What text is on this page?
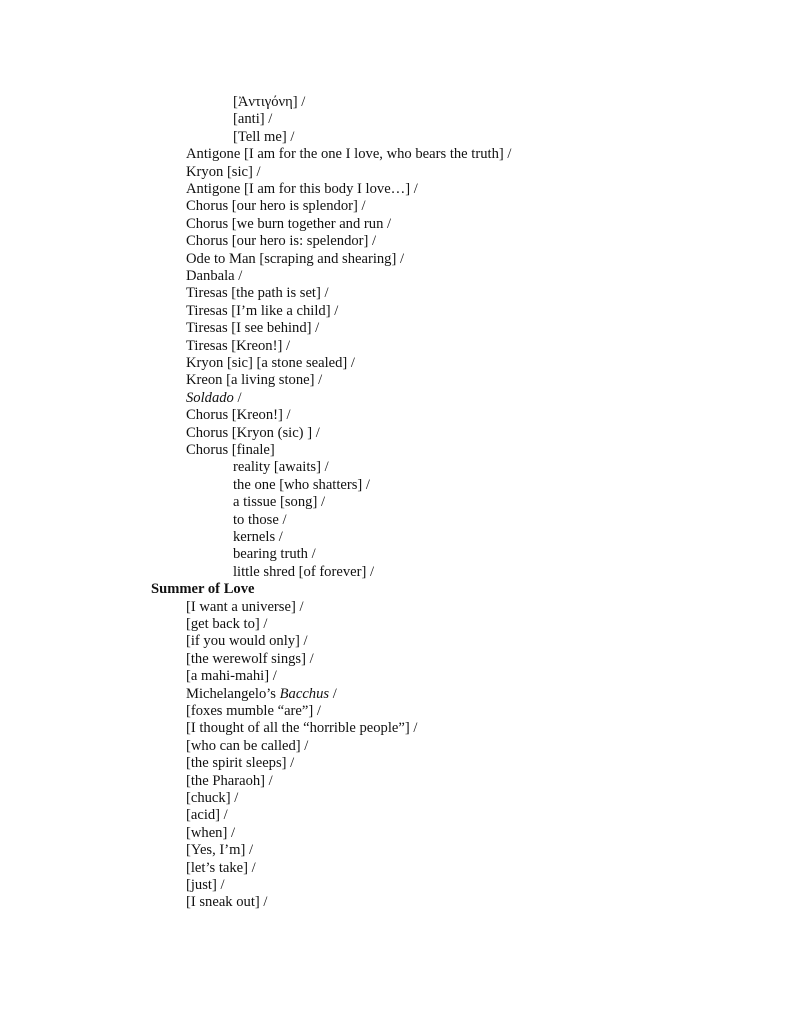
[Ἀντιγόνη] /
[anti] /
[Tell me] /
Antigone [I am for the one I love, who bears the truth] /
Kryon [sic] /
Antigone [I am for this body I love…] /
Chorus [our hero is splendor] /
Chorus [we burn together and run /
Chorus [our hero is: spelendor] /
Ode to Man [scraping and shearing] /
Danbala /
Tiresas [the path is set] /
Tiresas [I’m like a child] /
Tiresas [I see behind] /
Tiresas [Kreon!] /
Kryon [sic] [a stone sealed] /
Kreon [a living stone] /
Soldado /
Chorus [Kreon!] /
Chorus [Kryon (sic) ] /
Chorus [finale]
reality [awaits] /
the one [who shatters] /
a tissue [song] /
to those /
kernels /
bearing truth /
little shred [of forever] /
Summer of Love
[I want a universe] /
[get back to] /
[if you would only] /
[the werewolf sings] /
[a mahi-mahi] /
Michelangelo’s Bacchus /
[foxes mumble “are”] /
[I thought of all the “horrible people”] /
[who can be called] /
[the spirit sleeps] /
[the Pharaoh] /
[chuck] /
[acid] /
[when] /
[Yes, I’m] /
[let’s take] /
[just] /
[I sneak out] /
